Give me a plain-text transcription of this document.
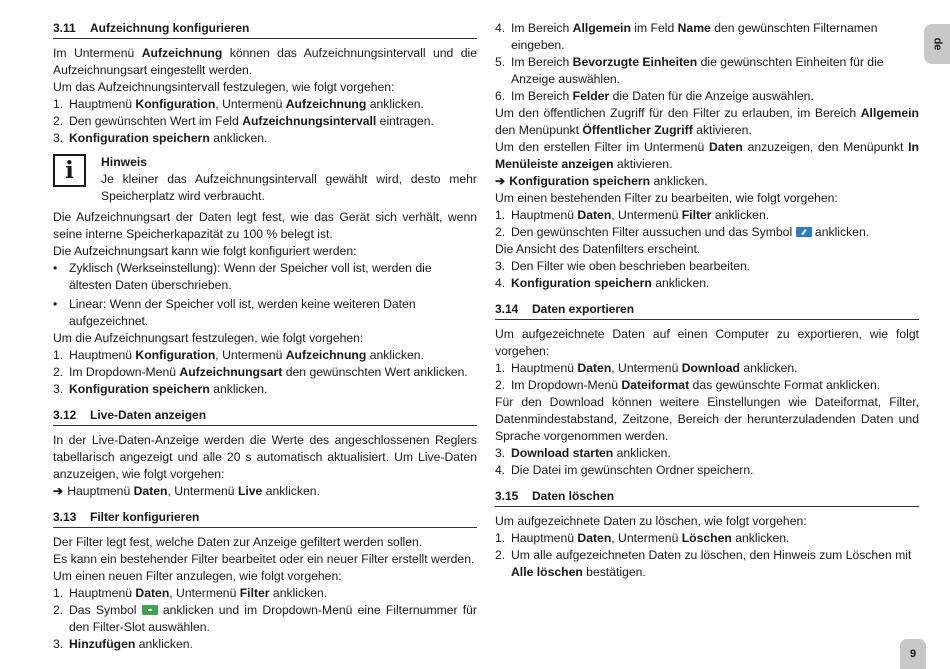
3.11 Aufzeichnung konfigurieren

Im Untermenü Aufzeichnung können das Aufzeichnungsintervall und die Aufzeichnungsart eingestellt werden.

Um das Aufzeichnungsintervall festzulegen, wie folgt vorgehen:

1. Hauptmenü Konfiguration, Untermenü Aufzeichnung anklicken.
2. Den gewünschten Wert im Feld Aufzeichnungsintervall eintragen.
3. Konfiguration speichern anklicken.
i	Hinweis
Je kleiner das Aufzeichnungsintervall gewählt wird, desto mehr Speicherplatz wird verbraucht.

Die Aufzeichnungsart der Daten legt fest, wie das Gerät sich verhält, wenn seine interne Speicherkapazität zu 100 % belegt ist.

Die Aufzeichnungsart kann wie folgt konfiguriert werden:

• Zyklisch (Werkseinstellung): Wenn der Speicher voll ist, werden die ältesten Daten überschrieben.
• Linear: Wenn der Speicher voll ist, werden keine weiteren Daten aufgezeichnet.

Um die Aufzeichnungsart festzulegen, wie folgt vorgehen:

1. Hauptmenü Konfiguration, Untermenü Aufzeichnung anklicken.
2. Im Dropdown-Menü Aufzeichnungsart den gewünschten Wert anklicken.
3. Konfiguration speichern anklicken.
3.12 Live-Daten anzeigen

In der Live-Daten-Anzeige werden die Werte des angeschlossenen Reglers tabellarisch angezeigt und alle 20 s automatisch aktualisiert. Um Live-Daten anzuzeigen, wie folgt vorgehen:

➔ Hauptmenü Daten, Untermenü Live anklicken.
3.13 Filter konfigurieren

Der Filter legt fest, welche Daten zur Anzeige gefiltert werden sollen.

Es kann ein bestehender Filter bearbeitet oder ein neuer Filter erstellt werden.

Um einen neuen Filter anzulegen, wie folgt vorgehen:

1. Hauptmenü Daten, Untermenü Filter anklicken.
2. Das Symbol  anklicken und im Dropdown-Menü eine Filternummer für den Filter-Slot auswählen.
3. Hinzufügen anklicken.
4. Im Bereich Allgemein im Feld Name den gewünschten Filternamen eingeben.
5. Im Bereich Bevorzugte Einheiten die gewünschten Einheiten für die Anzeige auswählen.
6. Im Bereich Felder die Daten für die Anzeige auswählen.

Um den öffentlichen Zugriff für den Filter zu erlauben, im Bereich Allgemein den Menüpunkt Öffentlicher Zugriff aktivieren.

Um den erstellen Filter im Untermenü Daten anzuzeigen, den Menüpunkt In Menüleiste anzeigen aktivieren.

➔ Konfiguration speichern anklicken.

Um einen bestehenden Filter zu bearbeiten, wie folgt vorgehen:

1. Hauptmenü Daten, Untermenü Filter anklicken.
2. Den gewünschten Filter aussuchen und das Symbol  anklicken.

Die Ansicht des Datenfilters erscheint.

3. Den Filter wie oben beschrieben bearbeiten.
4. Konfiguration speichern anklicken.
3.14 Daten exportieren

Um aufgezeichnete Daten auf einen Computer zu exportieren, wie folgt vorgehen:

1. Hauptmenü Daten, Untermenü Download anklicken.
2. Im Dropdown-Menü Dateiformat das gewünschte Format anklicken.

Für den Download können weitere Einstellungen wie Dateiformat, Filter, Datenmindestabstand, Zeitzone, Bereich der herunterzuladenden Daten und Sprache vorgenommen werden.

3. Download starten anklicken.
4. Die Datei im gewünschten Ordner speichern.
3.15 Daten löschen

Um aufgezeichnete Daten zu löschen, wie folgt vorgehen:

1. Hauptmenü Daten, Untermenü Löschen anklicken.
2. Um alle aufgezeichneten Daten zu löschen, den Hinweis zum Löschen mit Alle löschen bestätigen.
de
9
